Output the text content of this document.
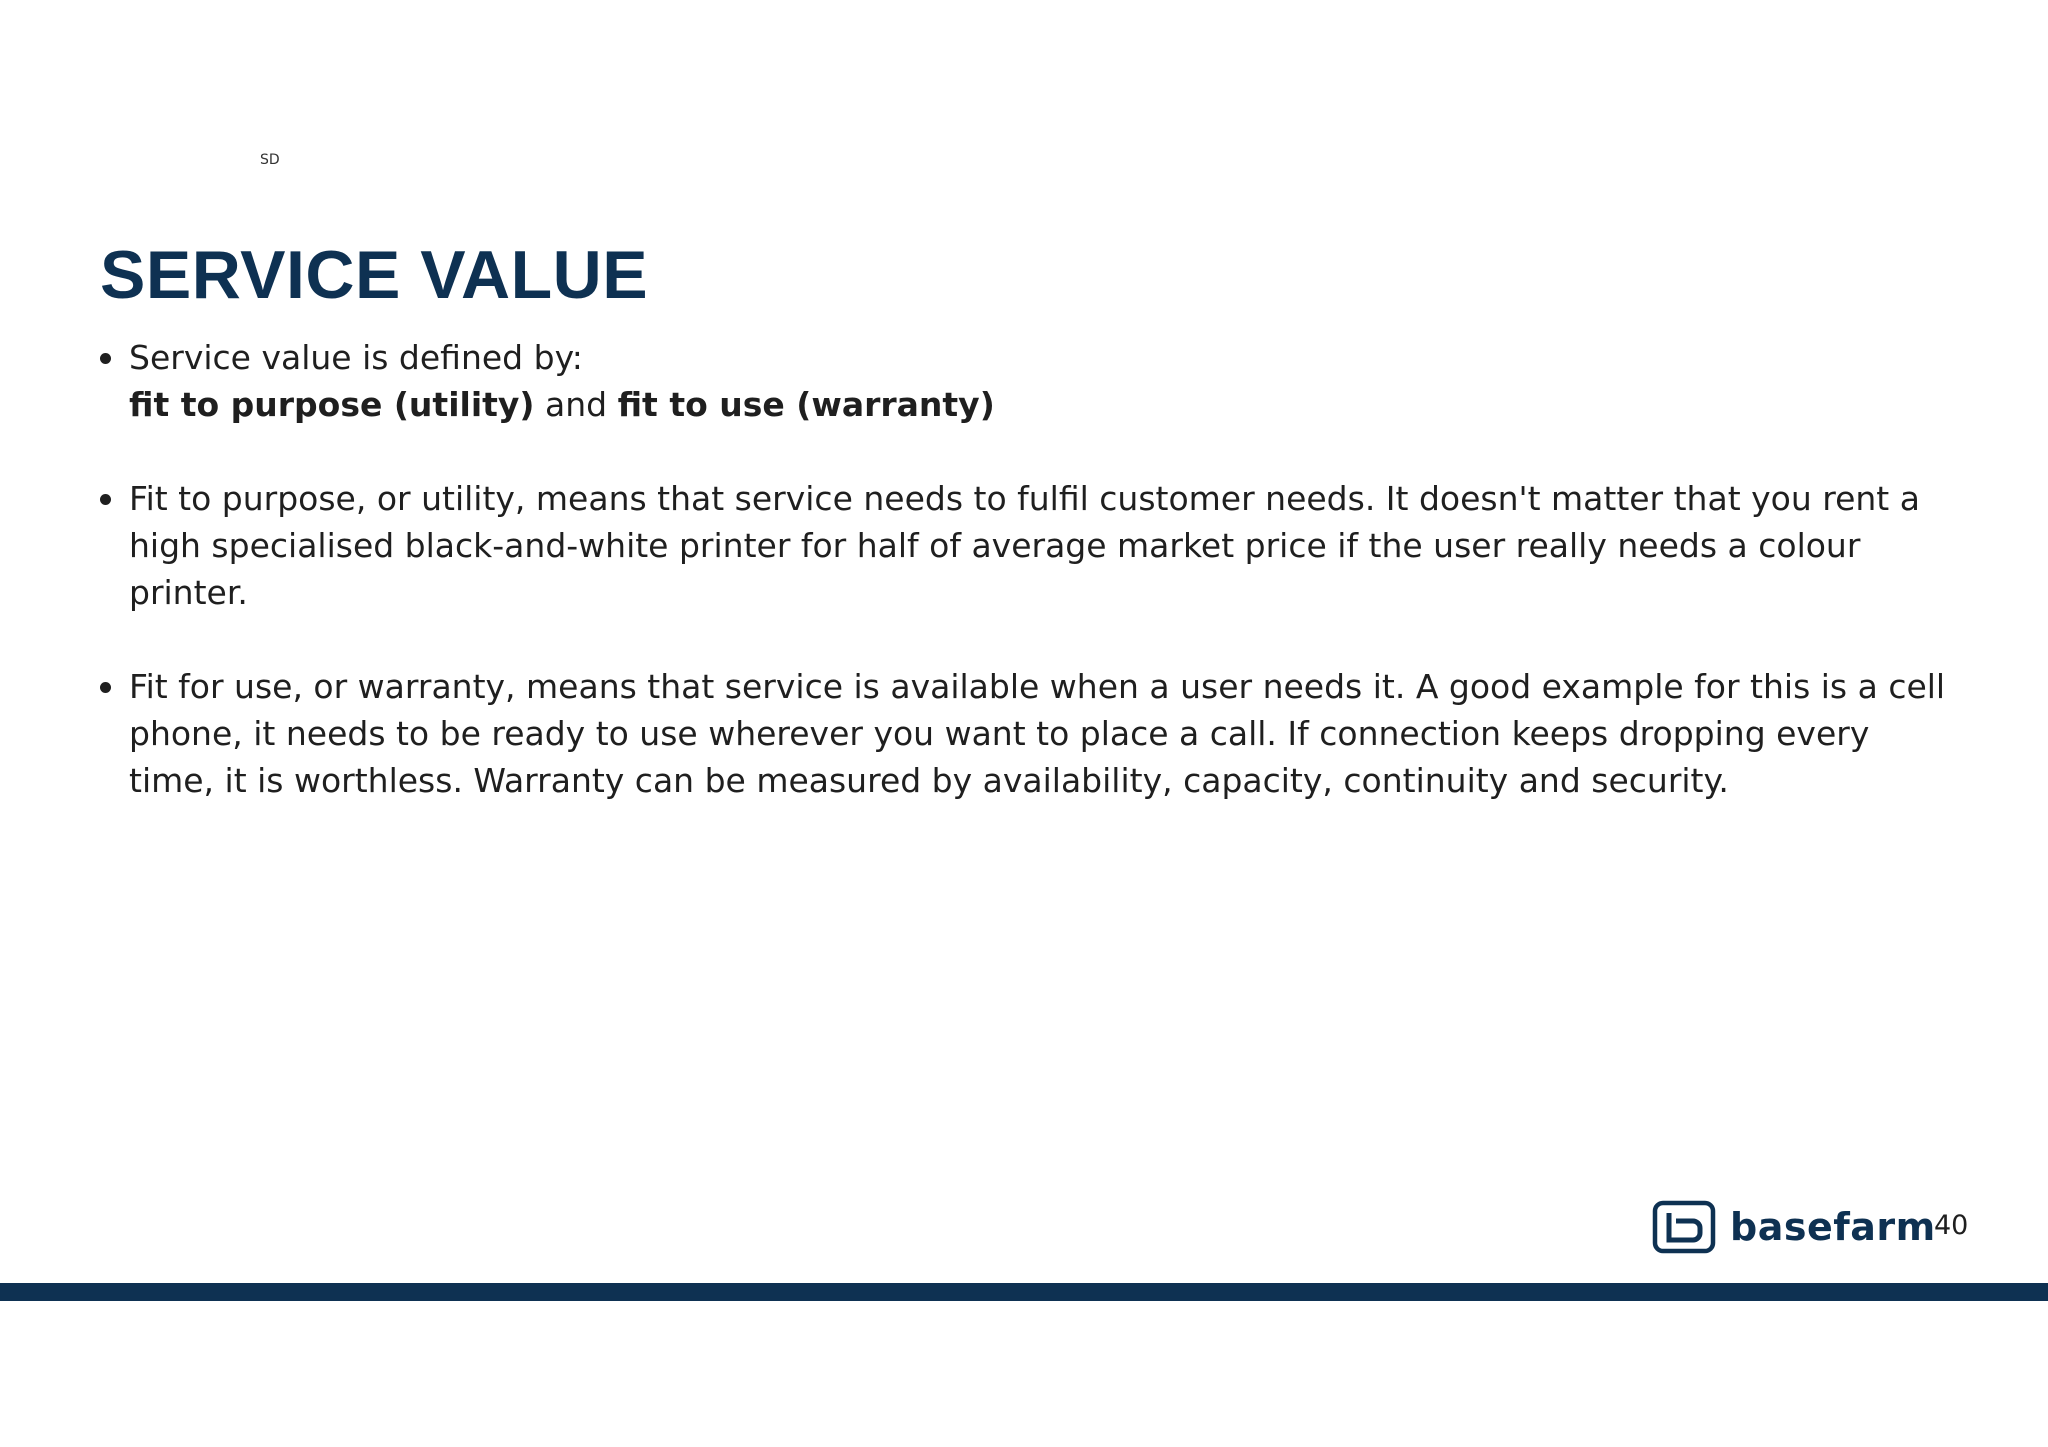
SD
SERVICE VALUE
Service value is defined by:
fit to purpose (utility) and fit to use (warranty)
Fit to purpose, or utility, means that service needs to fulfil customer needs. It doesn't matter that you rent a high specialised black-and-white printer for half of average market price if the user really needs a colour printer.
Fit for use, or warranty, means that service is available when a user needs it. A good example for this is a cell phone, it needs to be ready to use wherever you want to place a call. If connection keeps dropping every time, it is worthless. Warranty can be measured by availability, capacity, continuity and security.
basefarm
40
